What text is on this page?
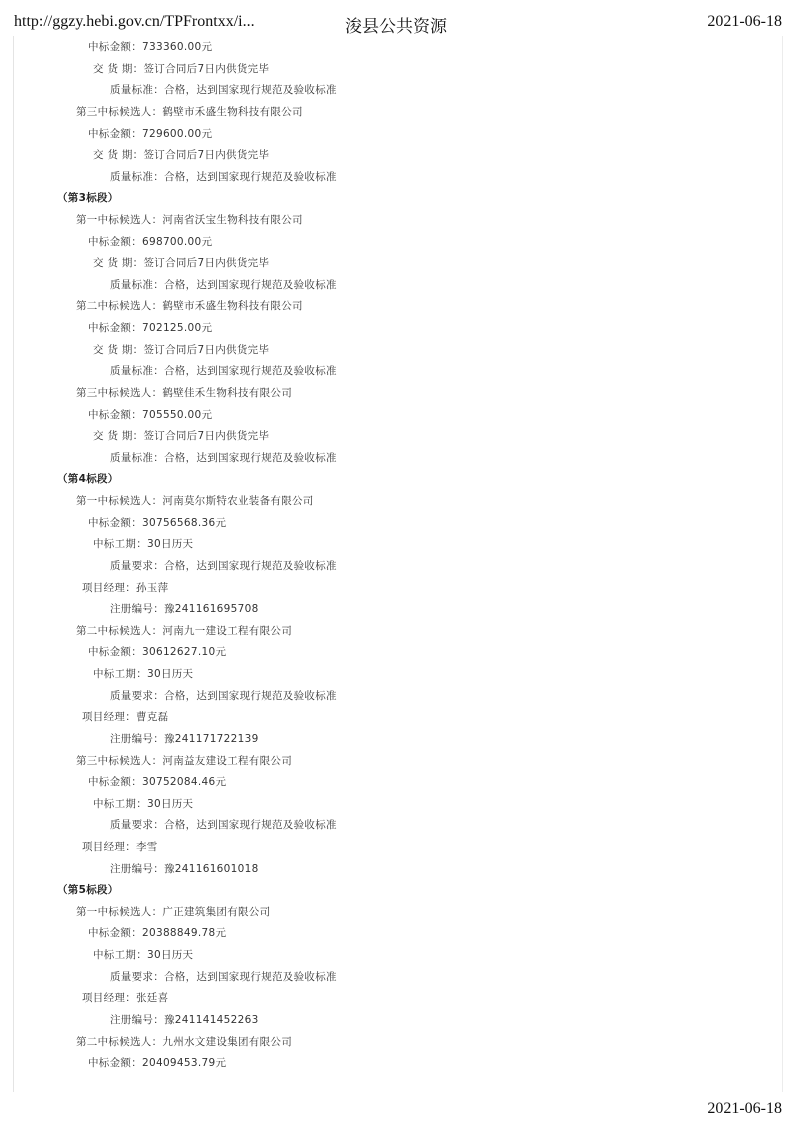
http://ggzy.hebi.gov.cn/TPFrontxx/i...	浚县公共资源	2021-06-18
中标金额：733360.00元
交 货 期：签订合同后7日内供货完毕
质量标准：合格，达到国家现行规范及验收标准
第三中标候选人：鹤壁市禾盛生物科技有限公司
中标金额：729600.00元
交 货 期：签订合同后7日内供货完毕
质量标准：合格，达到国家现行规范及验收标准
（第3标段）
第一中标候选人：河南省沃宝生物科技有限公司
中标金额：698700.00元
交 货 期：签订合同后7日内供货完毕
质量标准：合格，达到国家现行规范及验收标准
第二中标候选人：鹤壁市禾盛生物科技有限公司
中标金额：702125.00元
交 货 期：签订合同后7日内供货完毕
质量标准：合格，达到国家现行规范及验收标准
第三中标候选人：鹤壁佳禾生物科技有限公司
中标金额：705550.00元
交 货 期：签订合同后7日内供货完毕
质量标准：合格，达到国家现行规范及验收标准
（第4标段）
第一中标候选人：河南莫尔斯特农业装备有限公司
中标金额：30756568.36元
中标工期：30日历天
质量要求：合格，达到国家现行规范及验收标准
项目经理：孙玉萍
注册编号：豫241161695708
第二中标候选人：河南九一建设工程有限公司
中标金额：30612627.10元
中标工期：30日历天
质量要求：合格，达到国家现行规范及验收标准
项目经理：曹克磊
注册编号：豫241171722139
第三中标候选人：河南益友建设工程有限公司
中标金额：30752084.46元
中标工期：30日历天
质量要求：合格，达到国家现行规范及验收标准
项目经理：李雪
注册编号：豫241161601018
（第5标段）
第一中标候选人：广正建筑集团有限公司
中标金额：20388849.78元
中标工期：30日历天
质量要求：合格，达到国家现行规范及验收标准
项目经理：张廷喜
注册编号：豫241141452263
第二中标候选人：九州水文建设集团有限公司
中标金额：20409453.79元
2021-06-18
